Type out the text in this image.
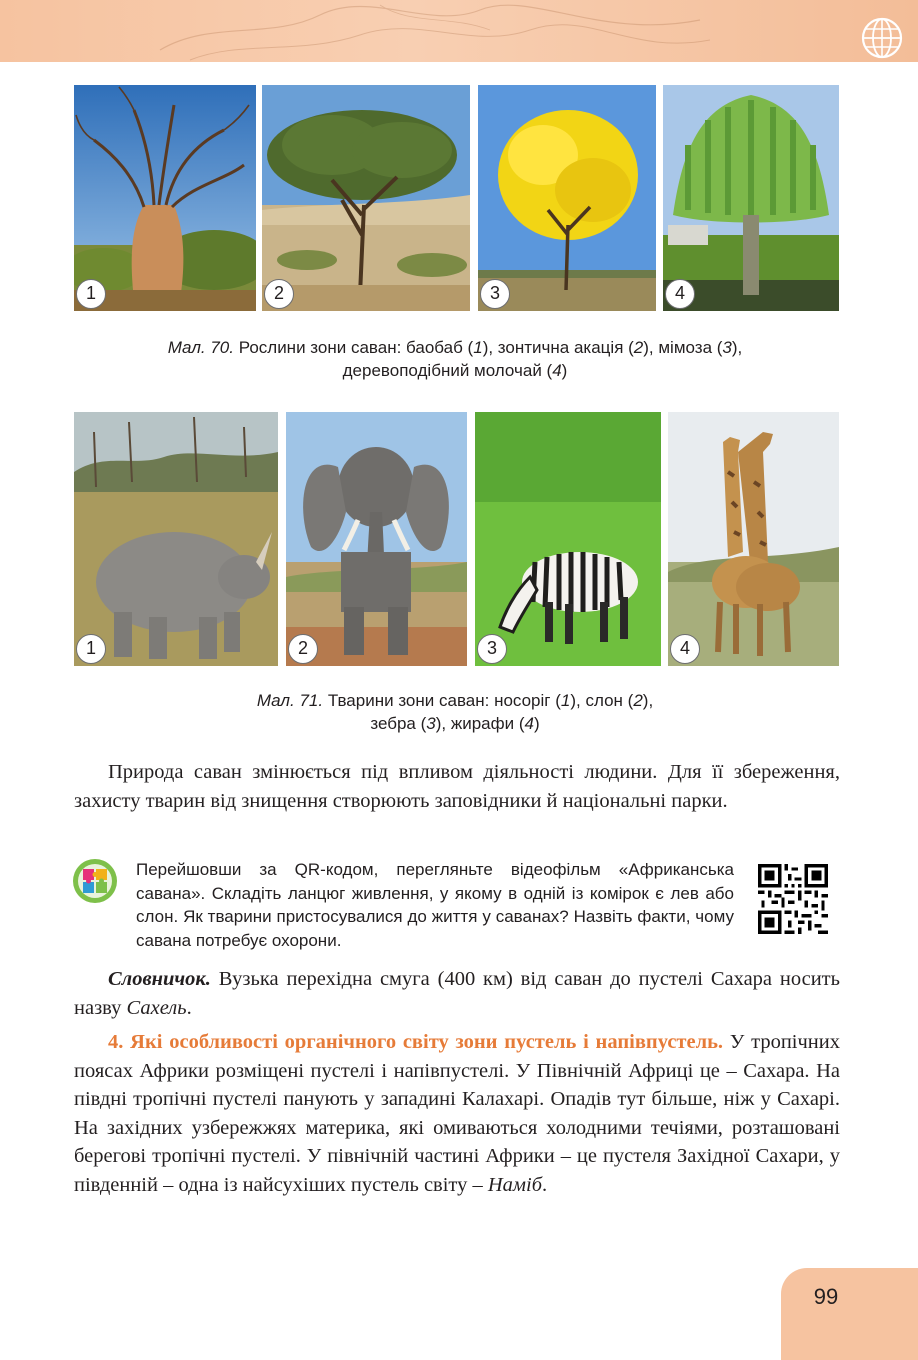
1	2	3	4
Мал. 70. Рослини зони саван: баобаб (1), зонтична акація (2), мімоза (3),
деревоподібний молочай (4)
1	2	3	4
Мал. 71. Тварини зони саван: носоріг (1), слон (2),
зебра (3), жирафи (4)
Природа саван змінюється під впливом діяльності людини. Для її збереження, захисту тварин від знищення створюють заповідники й національні парки.
Перейшовши за QR-кодом, перегляньте відеофільм «Африканська савана». Складіть ланцюг живлення, у якому в одній із комірок є лев або слон. Як тварини пристосувалися до життя у саванах? Назвіть факти, чому савана потребує охорони.
Словничок. Вузька перехідна смуга (400 км) від саван до пустелі Сахара носить назву Сахель.
4. Які особливості органічного світу зони пустель і напівпустель. У тропічних поясах Африки розміщені пустелі і напівпустелі. У Північній Африці це – Сахара. На півдні тропічні пустелі панують у западині Калахарі. Опадів тут більше, ніж у Сахарі. На західних узбережжях материка, які омиваються холодними течіями, розташовані берегові тропічні пустелі. У північній частині Африки – це пустеля Західної Сахари, у південній – одна із найсухіших пустель світу – Наміб.
99
